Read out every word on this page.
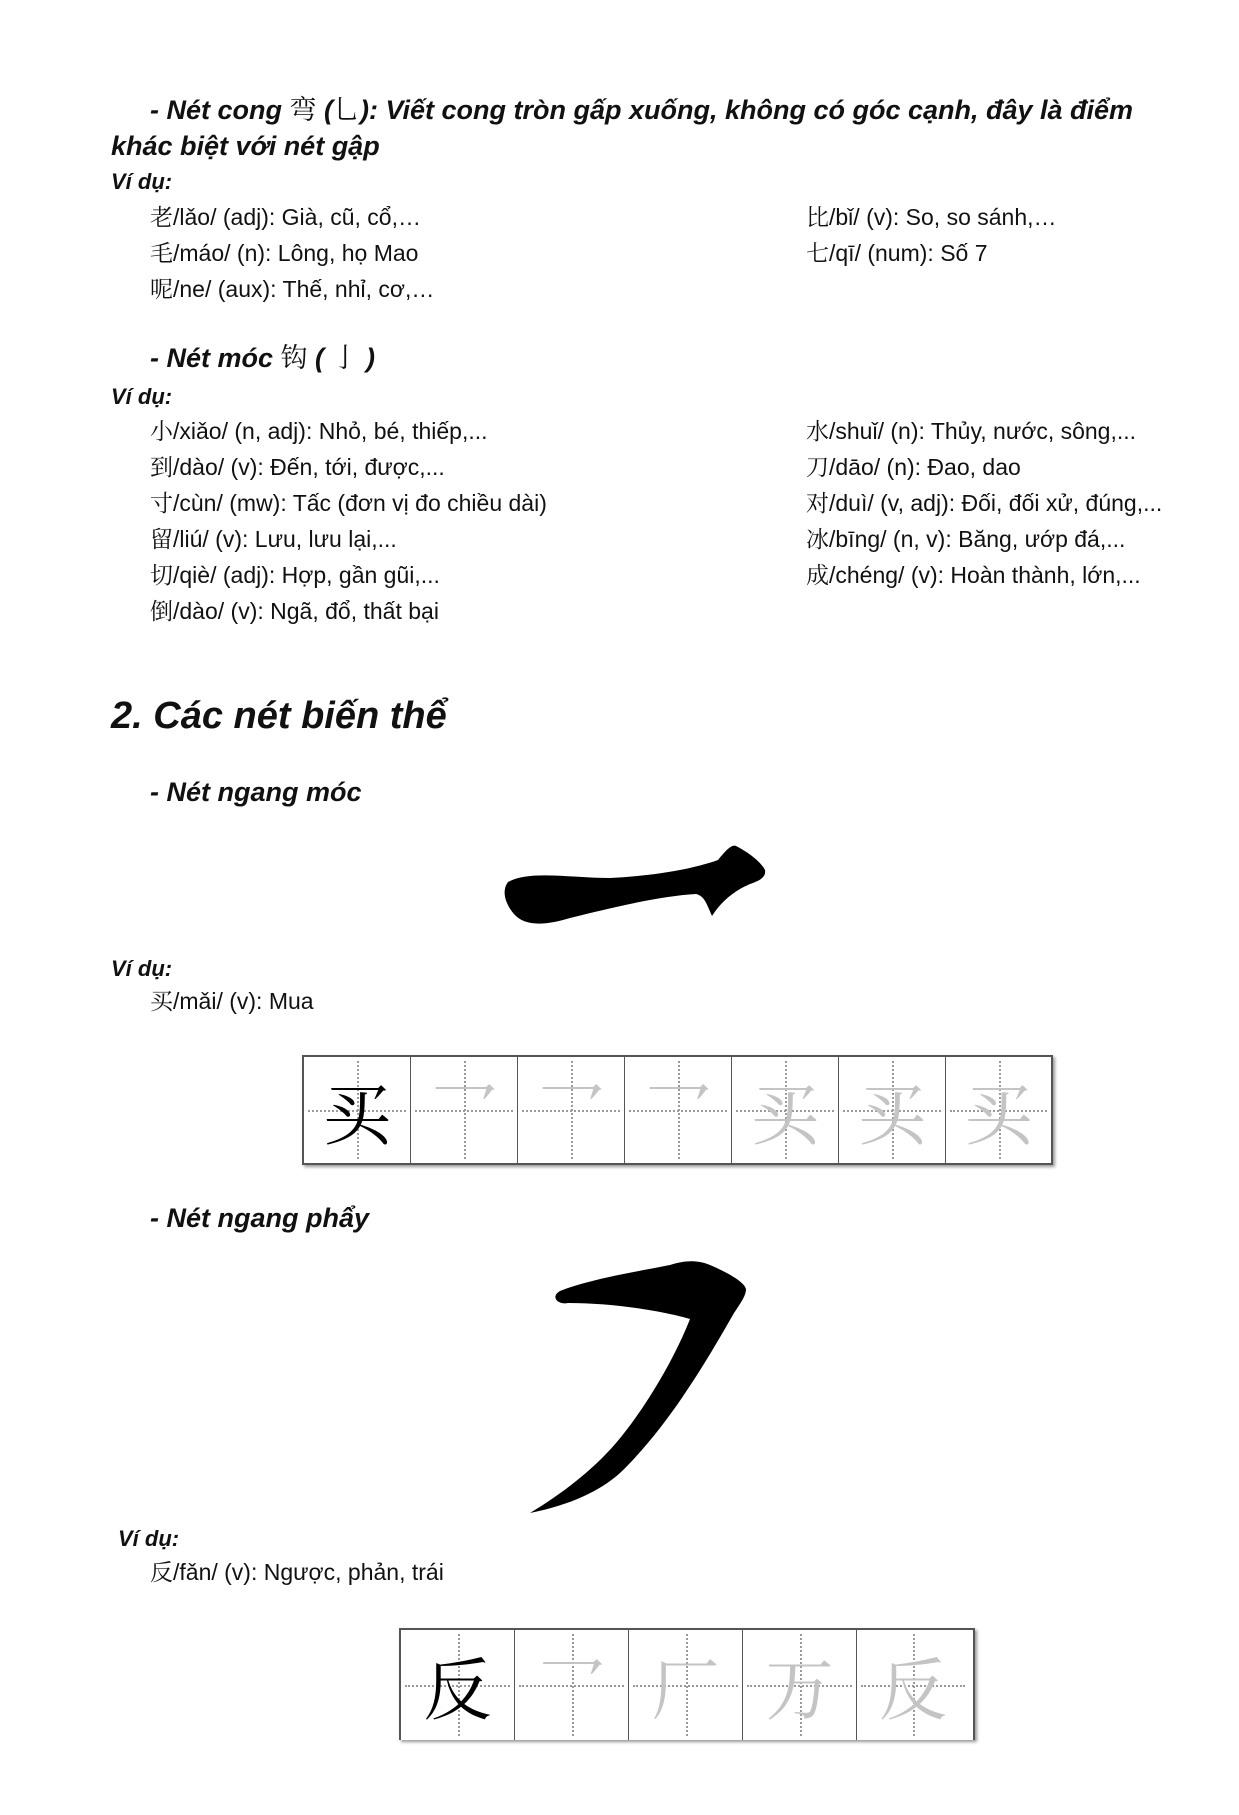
- Nét cong 弯 (乚): Viết cong tròn gấp xuống, không có góc cạnh, đây là điểm
khác biệt với nét gập
Ví dụ:
老/lǎo/ (adj): Già, cũ, cổ,…
毛/máo/ (n): Lông, họ Mao
呢/ne/ (aux): Thế, nhỉ, cơ,…
比/bǐ/ (v): So, so sánh,…
七/qī/ (num): Số 7
- Nét móc 钩 ( 亅 )
Ví dụ:
小/xiǎo/ (n, adj): Nhỏ, bé, thiếp,...
到/dào/ (v): Đến, tới, được,...
寸/cùn/ (mw): Tấc (đơn vị đo chiều dài)
留/liú/ (v): Lưu, lưu lại,...
切/qiè/ (adj): Hợp, gần gũi,...
倒/dào/ (v): Ngã, đổ, thất bại
水/shuǐ/ (n): Thủy, nước, sông,...
刀/dāo/ (n): Đao, dao
对/duì/ (v, adj): Đối, đối xử, đúng,...
冰/bīng/ (n, v): Băng, ướp đá,...
成/chéng/ (v): Hoàn thành, lớn,...
2. Các nét biến thể
- Nét ngang móc
Ví dụ:
买/mǎi/ (v): Mua
买 乛 乛 乛 买 买 买
- Nét ngang phẩy
Ví dụ:
反/fǎn/ (v): Ngược, phản, trái
反 乛 厂 万 反
